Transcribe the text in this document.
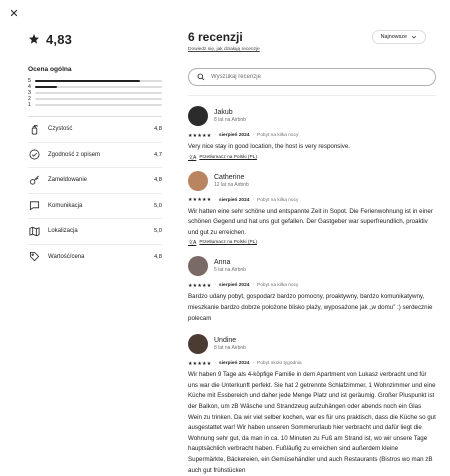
✕
4,83
Ocena ogólna
5
4
3
2
1
Czystość	4,8
Zgodność z opisem	4,7
Zameldowanie	4,8
Komunikacja	5,0
Lokalizacja	5,0
Wartość/cena	4,8
6 recenzji
Dowiedz się, jak działają recenzje
Najnowsze
Wyszukaj recenzje
Jakub
8 lat na Airbnb
★★★★★ · sierpień 2024 · Pobyt na kilka nocy
Very nice stay in good location, the host is very responsive.
文A Przetłumacz na Polski (PL)
Catherine
12 lat na Airbnb
★★★★★ · sierpień 2024 · Pobyt na kilka nocy
Wir hatten eine sehr schöne und entspannte Zeit in Sopot. Die Ferienwohnung ist in einer schönen Gegend und hat uns gut gefallen. Der Gastgeber war superfreundlich, proaktiv und gut zu erreichen.
文A Przetłumacz na Polski (PL)
Anna
5 lat na Airbnb
★★★★★ · sierpień 2024 · Pobyt na kilka nocy
Bardzo udany pobyt, gospodarz bardzo pomocny, proaktywny, bardzo komunikatywny, mieszkanie bardzo dobrze położone blisko plaży, wyposażone jak „w domu” :) serdecznie polecam
Undine
8 lat na Airbnb
★★★★★ · sierpień 2024 · Pobyt około tygodnia
Wir haben 9 Tage als 4-köpfige Familie in dem Apartment von Lukasz verbracht und für uns war die Unterkunft perfekt. Sie hat 2 getrennte Schlafzimmer, 1 Wohnzimmer und eine Küche mit Essbereich und daher jede Menge Platz und ist geräumig. Großer Pluspunkt ist der Balkon, um zB Wäsche und Strandzeug aufzuhängen oder abends noch ein Glas Wein zu trinken. Da wir viel selber kochen, war es für uns praktisch, dass die Küche so gut ausgestattet war! Wir haben unseren Sommerurlaub hier verbracht und dafür liegt die Wohnung sehr gut, da man in ca. 10 Minuten zu Fuß am Strand ist, wo wir unsere Tage hauptsächlich verbracht haben. Fußläufig zu erreichen sind außerdem kleine Supermärkte, Bäckereien, ein Gemüsehändler und auch Restaurants (Bistros wo man zB auch gut frühstücken
